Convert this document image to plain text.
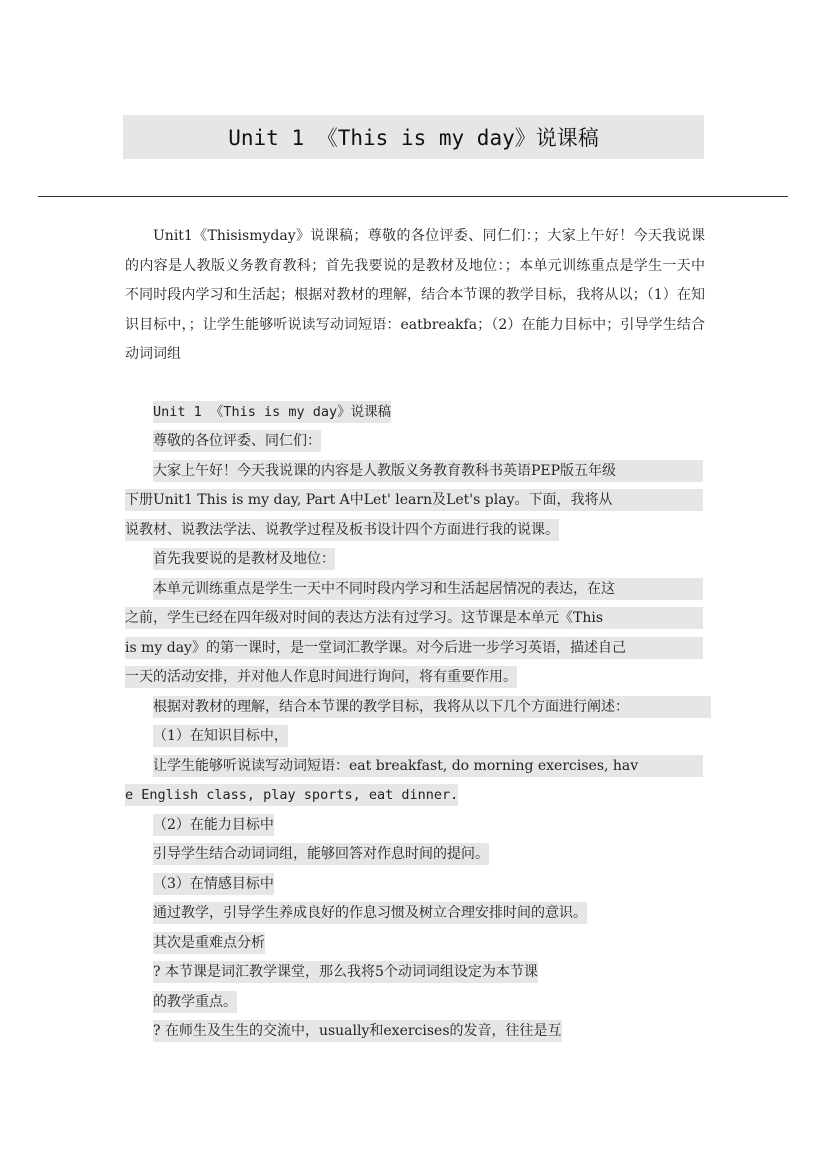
Unit 1 《This is my day》说课稿

Unit1《Thisismyday》说课稿；尊敬的各位评委、同仁们：；大家上午好！今天我说课的内容是人教版义务教育教科；首先我要说的是教材及地位：；本单元训练重点是学生一天中不同时段内学习和生活起；根据对教材的理解，结合本节课的教学目标，我将从以；（1）在知识目标中，；让学生能够听说读写动词短语：eatbreakfa；（2）在能力目标中；引导学生结合动词词组

Unit 1 《This is my day》说课稿
尊敬的各位评委、同仁们：
大家上午好！今天我说课的内容是人教版义务教育教科书英语PEP版五年级
下册Unit1 This is my day, Part A中Let' learn及Let's play。下面，我将从
说教材、说教法学法、说教学过程及板书设计四个方面进行我的说课。
首先我要说的是教材及地位：
本单元训练重点是学生一天中不同时段内学习和生活起居情况的表达，在这
之前，学生已经在四年级对时间的表达方法有过学习。这节课是本单元《This
is my day》的第一课时，是一堂词汇教学课。对今后进一步学习英语，描述自己
一天的活动安排，并对他人作息时间进行询问，将有重要作用。
根据对教材的理解，结合本节课的教学目标，我将从以下几个方面进行阐述：
（1）在知识目标中，
让学生能够听说读写动词短语：eat breakfast, do morning exercises, hav
e English class, play sports, eat dinner.
（2）在能力目标中
引导学生结合动词词组，能够回答对作息时间的提问。
（3）在情感目标中
通过教学，引导学生养成良好的作息习惯及树立合理安排时间的意识。
其次是重难点分析
? 本节课是词汇教学课堂，那么我将5个动词词组设定为本节课
的教学重点。
? 在师生及生生的交流中，usually和exercises的发音，往往是互
